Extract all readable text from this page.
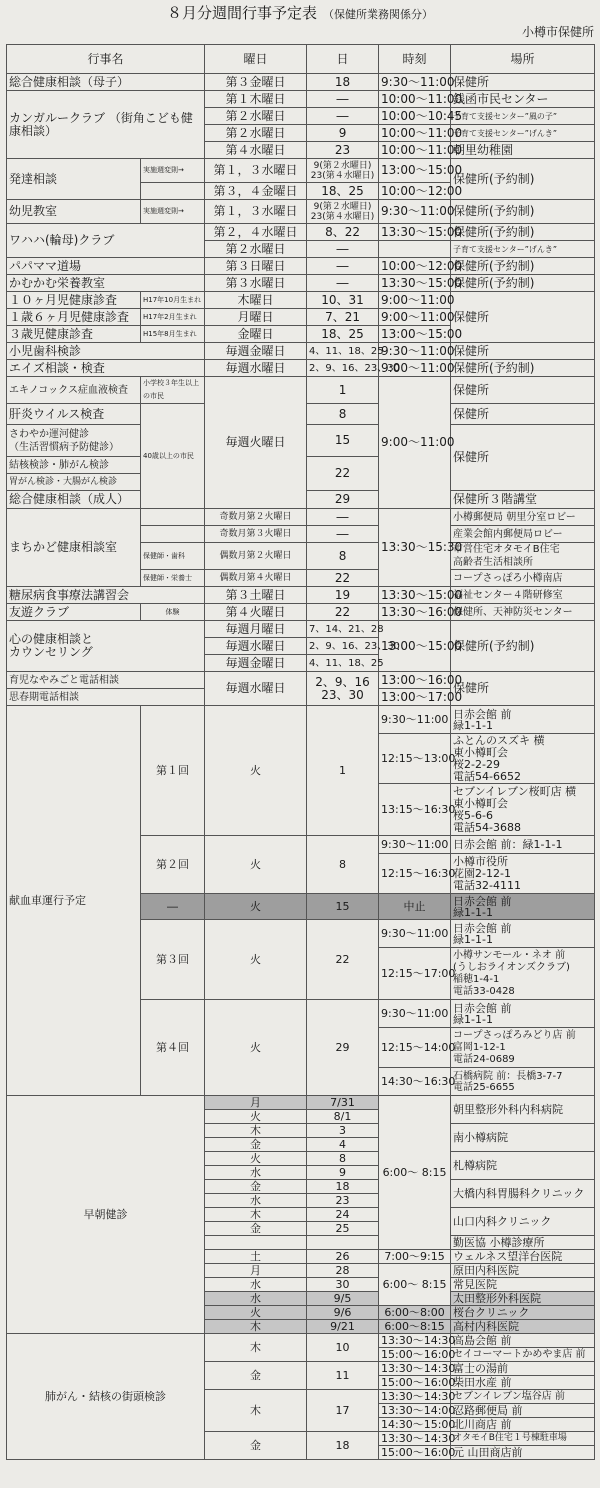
８月分週間行事予定表 （保健所業務関係分）
小樽市保健所
行事名		曜日	日	時刻	場所
総合健康相談（母子）		第３金曜日	18	9:30～11:00	保健所
カンガルークラブ （街角こども健康相談）		第１木曜日	―	10:00～11:00	銭函市民センター
		第２水曜日	―	10:00～10:45	子育て支援センター”風の子”
		第２水曜日	9	10:00～11:00	子育て支援センター”げんき”
		第４水曜日	23	10:00～11:00	朝里幼稚園
発達相談	実施週変則→	第１，３水曜日	9(第２水曜日) 23(第４水曜日)	13:00～15:00	保健所(予約制)
		第３，４金曜日	18、25	10:00～12:00	
幼児教室	実施週変則→	第１，３水曜日	9(第２水曜日) 23(第４水曜日)	9:30～11:00	保健所(予約制)
ワハハ(輪母)クラブ		第２，４水曜日	8、22	13:30～15:00	保健所(予約制)
		第２水曜日	―		子育て支援センター”げんき”
パパママ道場		第３日曜日	―	10:00～12:00	保健所(予約制)
かむかむ栄養教室		第３水曜日	―	13:30～15:00	保健所(予約制)
１０ヶ月児健康診査	H17年10月生まれ	木曜日	10、31	9:00～11:00	保健所
１歳６ヶ月児健康診査	H17年2月生まれ	月曜日	7、21	9:00～11:00	
３歳児健康診査	H15年8月生まれ	金曜日	18、25	13:00～15:00	
小児歯科検診		毎週金曜日	4、11、18、25	9:30～11:00	保健所
エイズ相談・検査		毎週水曜日	2、9、16、23、30	9:00～11:00	保健所(予約制)
エキノコックス症血液検査	小学校３年生以上の市民	毎週火曜日	1	9:00～11:00	保健所
肝炎ウイルス検査	40歳以上の市民		8		保健所
さわやか運河健診
（生活習慣病予防健診）			15		保健所
結核検診・肺がん検診			22		
胃がん検診・大腸がん検診					
総合健康相談（成人）			29		保健所３階講堂
まちかど健康相談室		奇数月第２火曜日	―	13:30～15:30	小樽郵便局 朝里分室ロビー
		奇数月第３火曜日	―		産業会館内郵便局ロビー
	保健師・歯科	偶数月第２火曜日	8		市営住宅オタモイB住宅
高齢者生活相談所
	保健師・栄養士	偶数月第４火曜日	22		コープさっぽろ小樽南店
糖尿病食事療法講習会		第３土曜日	19	13:30～15:00	福祉センター４階研修室
友遊クラブ	体験	第４火曜日	22	13:30～16:00	保健所、天神防災センター
心の健康相談と
カウンセリング		毎週月曜日	7、14、21、28	13:00～15:00	保健所(予約制)
		毎週水曜日	2、9、16、23、30		
		毎週金曜日	4、11、18、25		
育児なやみごと電話相談		毎週水曜日	2、9、16
23、30	13:00～16:00	保健所
思春期電話相談				13:00～17:00	
献血車運行予定	第１回	火	1	9:30～11:00	日赤会館 前
緑1-1-1
				12:15～13:00	ふとんのスズキ 横
東小樽町会
桜2-2-29
電話54-6652
				13:15～16:30	セブンイレブン桜町店 横
東小樽町会
桜5-6-6
電話54-3688
	第２回	火	8	9:30～11:00	日赤会館 前：緑1-1-1
				12:15～16:30	小樽市役所
花園2-12-1
電話32-4111
	―	火	15	中止	日赤会館 前
緑1-1-1
	第３回	火	22	9:30～11:00	日赤会館 前
緑1-1-1
				12:15～17:00	小樽サンモール・ネオ 前
(うしおライオンズクラブ)
稲穂1-4-1
電話33-0428
	第４回	火	29	9:30～11:00	日赤会館 前
緑1-1-1
				12:15～14:00	コープさっぽろみどり店 前
富岡1-12-1
電話24-0689
				14:30～16:30	石橋病院 前：長橋3-7-7
電話25-6655
早朝健診		月	7/31	6:00～ 8:15	朝里整形外科内科病院
		火	8/1		
		木	3		南小樽病院
		金	4		
		火	8		札樽病院
		水	9		
		金	18		大橋内科胃腸科クリニック
		水	23		
		木	24		山口内科クリニック
		金	25		
					勤医協 小樽診療所
		土	26	7:00～9:15	ウェルネス望洋台医院
		月	28	6:00～ 8:15	原田内科医院
		水	30		常見医院
		水	9/5		太田整形外科医院
		火	9/6	6:00～8:00	桜台クリニック
		木	9/21	6:00～8:15	高村内科医院
肺がん・結核の街頭検診		木	10	13:30～14:30	高島会館 前
				15:00～16:00	セイコーマートかめやま店 前
		金	11	13:30～14:30	富士の湯前
				15:00～16:00	柴田水産 前
		木	17	13:30～14:30	セブンイレブン塩谷店 前
				13:30～14:00	忍路郵便局 前
				14:30～15:00	北川商店 前
		金	18	13:30～14:30	オタモイB住宅１号棟駐車場
				15:00～16:00	元 山田商店前
